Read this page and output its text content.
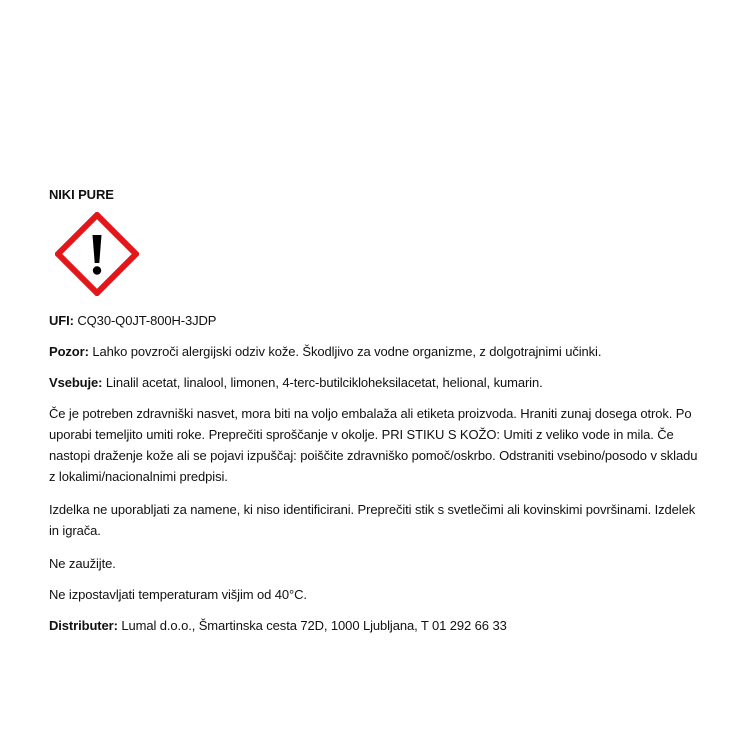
NIKI PURE

UFI: CQ30-Q0JT-800H-3JDP

Pozor: Lahko povzroči alergijski odziv kože. Škodljivo za vodne organizme, z dolgotrajnimi učinki.

Vsebuje: Linalil acetat, linalool, limonen, 4-terc-butilcikloheksilacetat, helional, kumarin.

Če je potreben zdravniški nasvet, mora biti na voljo embalaža ali etiketa proizvoda. Hraniti zunaj dosega otrok. Po uporabi temeljito umiti roke. Preprečiti sproščanje v okolje. PRI STIKU S KOŽO: Umiti z veliko vode in mila. Če nastopi draženje kože ali se pojavi izpuščaj: poiščite zdravniško pomoč/oskrbo. Odstraniti vsebino/posodo v skladu z lokalimi/nacionalnimi predpisi.

Izdelka ne uporabljati za namene, ki niso identificirani. Preprečiti stik s svetlečimi ali kovinskimi površinami. Izdelek in igrača.

Ne zaužijte.

Ne izpostavljati temperaturam višjim od 40°C.

Distributer: Lumal d.o.o., Šmartinska cesta 72D, 1000 Ljubljana, T 01 292 66 33
